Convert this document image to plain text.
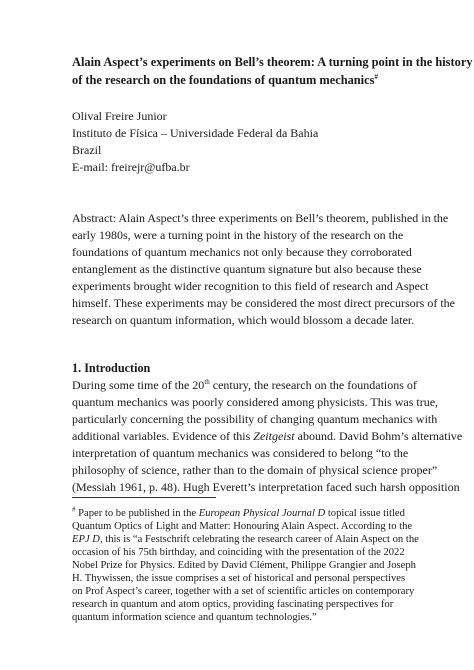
Alain Aspect’s experiments on Bell’s theorem: A turning point in the history
of the research on the foundations of quantum mechanics#
Olival Freire Junior
Instituto de Física – Universidade Federal da Bahia
Brazil
E-mail: freirejr@ufba.br
Abstract: Alain Aspect’s three experiments on Bell’s theorem, published in the
early 1980s, were a turning point in the history of the research on the
foundations of quantum mechanics not only because they corroborated
entanglement as the distinctive quantum signature but also because these
experiments brought wider recognition to this field of research and Aspect
himself. These experiments may be considered the most direct precursors of the
research on quantum information, which would blossom a decade later.
1. Introduction
During some time of the 20th century, the research on the foundations of
quantum mechanics was poorly considered among physicists. This was true,
particularly concerning the possibility of changing quantum mechanics with
additional variables. Evidence of this Zeitgeist abound. David Bohm’s alternative
interpretation of quantum mechanics was considered to belong “to the
philosophy of science, rather than to the domain of physical science proper”
(Messiah 1961, p. 48). Hugh Everett’s interpretation faced such harsh opposition
# Paper to be published in the European Physical Journal D topical issue titled
Quantum Optics of Light and Matter: Honouring Alain Aspect. According to the
EPJ D, this is “a Festschrift celebrating the research career of Alain Aspect on the
occasion of his 75th birthday, and coinciding with the presentation of the 2022
Nobel Prize for Physics. Edited by David Clément, Philippe Grangier and Joseph
H. Thywissen, the issue comprises a set of historical and personal perspectives
on Prof Aspect’s career, together with a set of scientific articles on contemporary
research in quantum and atom optics, providing fascinating perspectives for
quantum information science and quantum technologies.”
